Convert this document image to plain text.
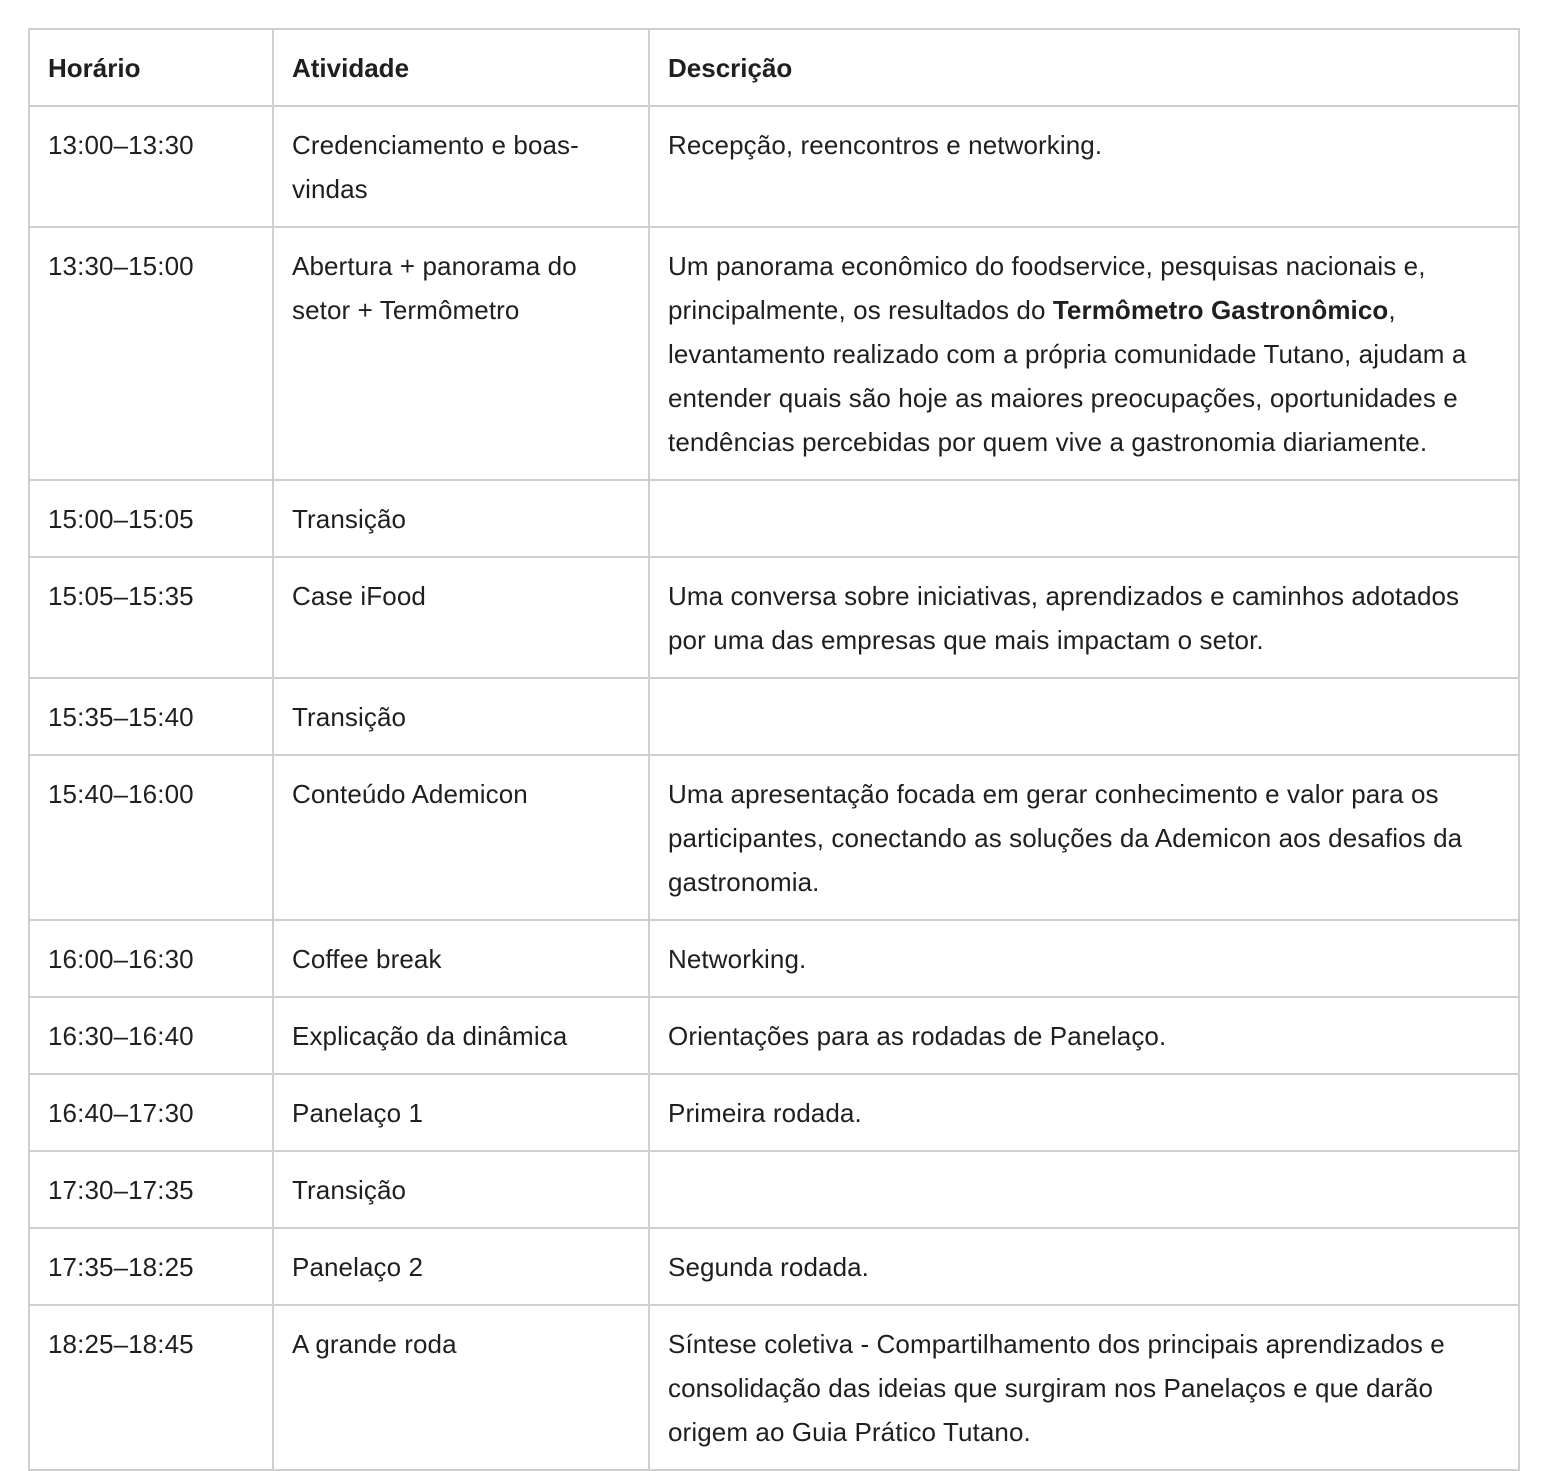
Horário	Atividade	Descrição
13:00–13:30	Credenciamento e boas-vindas	Recepção, reencontros e networking.
13:30–15:00	Abertura + panorama do setor + Termômetro	Um panorama econômico do foodservice, pesquisas nacionais e, principalmente, os resultados do Termômetro Gastronômico, levantamento realizado com a própria comunidade Tutano, ajudam a entender quais são hoje as maiores preocupações, oportunidades e tendências percebidas por quem vive a gastronomia diariamente.
15:00–15:05	Transição	
15:05–15:35	Case iFood	Uma conversa sobre iniciativas, aprendizados e caminhos adotados por uma das empresas que mais impactam o setor.
15:35–15:40	Transição	
15:40–16:00	Conteúdo Ademicon	Uma apresentação focada em gerar conhecimento e valor para os participantes, conectando as soluções da Ademicon aos desafios da gastronomia.
16:00–16:30	Coffee break	Networking.
16:30–16:40	Explicação da dinâmica	Orientações para as rodadas de Panelaço.
16:40–17:30	Panelaço 1	Primeira rodada.
17:30–17:35	Transição	
17:35–18:25	Panelaço 2	Segunda rodada.
18:25–18:45	A grande roda	Síntese coletiva - Compartilhamento dos principais aprendizados e consolidação das ideias que surgiram nos Panelaços e que darão origem ao Guia Prático Tutano.
